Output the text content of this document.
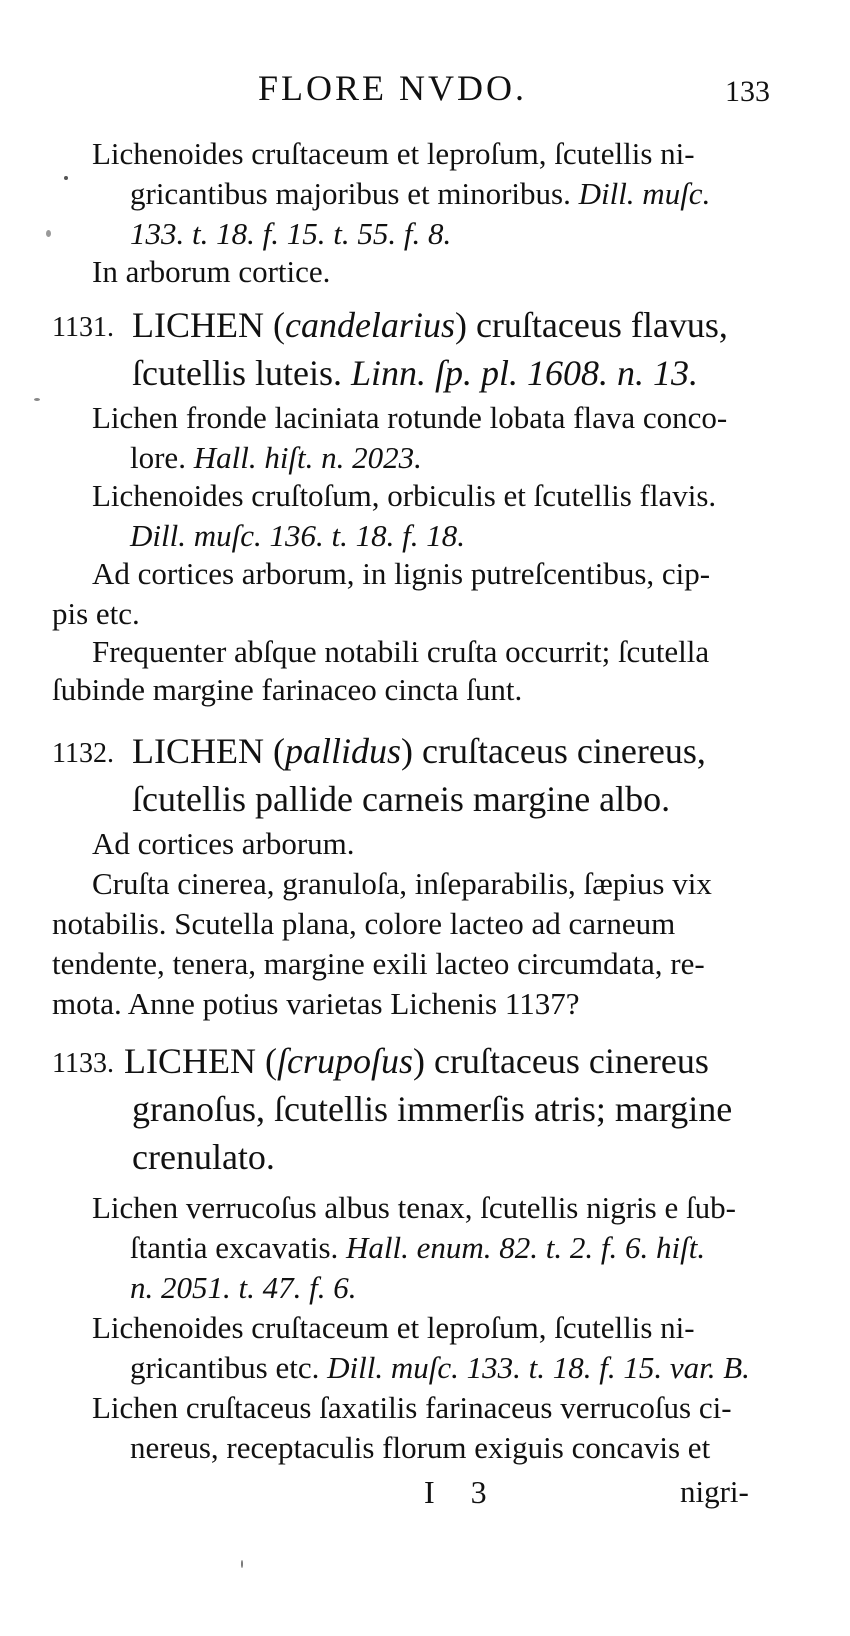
FLORE NVDO.	133
Lichenoides cruſtaceum et leproſum, ſcutellis ni-
gricantibus majoribus et minoribus. Dill. muſc.
133. t. 18. f. 15. t. 55. f. 8.
In arborum cortice.
1131. LICHEN (candelarius) cruſtaceus flavus,
ſcutellis luteis. Linn. ſp. pl. 1608. n. 13.
Lichen fronde laciniata rotunde lobata flava conco-
lore. Hall. hiſt. n. 2023.
Lichenoides cruſtoſum, orbiculis et ſcutellis flavis.
Dill. muſc. 136. t. 18. f. 18.
Ad cortices arborum, in lignis putreſcentibus, cip-
pis etc.
Frequenter abſque notabili cruſta occurrit; ſcutella
ſubinde margine farinaceo cincta ſunt.
1132. LICHEN (pallidus) cruſtaceus cinereus,
ſcutellis pallide carneis margine albo.
Ad cortices arborum.
Cruſta cinerea, granuloſa, inſeparabilis, ſæpius vix
notabilis. Scutella plana, colore lacteo ad carneum
tendente, tenera, margine exili lacteo circumdata, re-
mota. Anne potius varietas Lichenis 1137?
1133. LICHEN (ſcrupoſus) cruſtaceus cinereus
granoſus, ſcutellis immerſis atris; margine
crenulato.
Lichen verrucoſus albus tenax, ſcutellis nigris e ſub-
ſtantia excavatis. Hall. enum. 82. t. 2. f. 6. hiſt.
n. 2051. t. 47. f. 6.
Lichenoides cruſtaceum et leproſum, ſcutellis ni-
gricantibus etc. Dill. muſc. 133. t. 18. f. 15. var. B.
Lichen cruſtaceus ſaxatilis farinaceus verrucoſus ci-
nereus, receptaculis florum exiguis concavis et
I 3	nigri-
